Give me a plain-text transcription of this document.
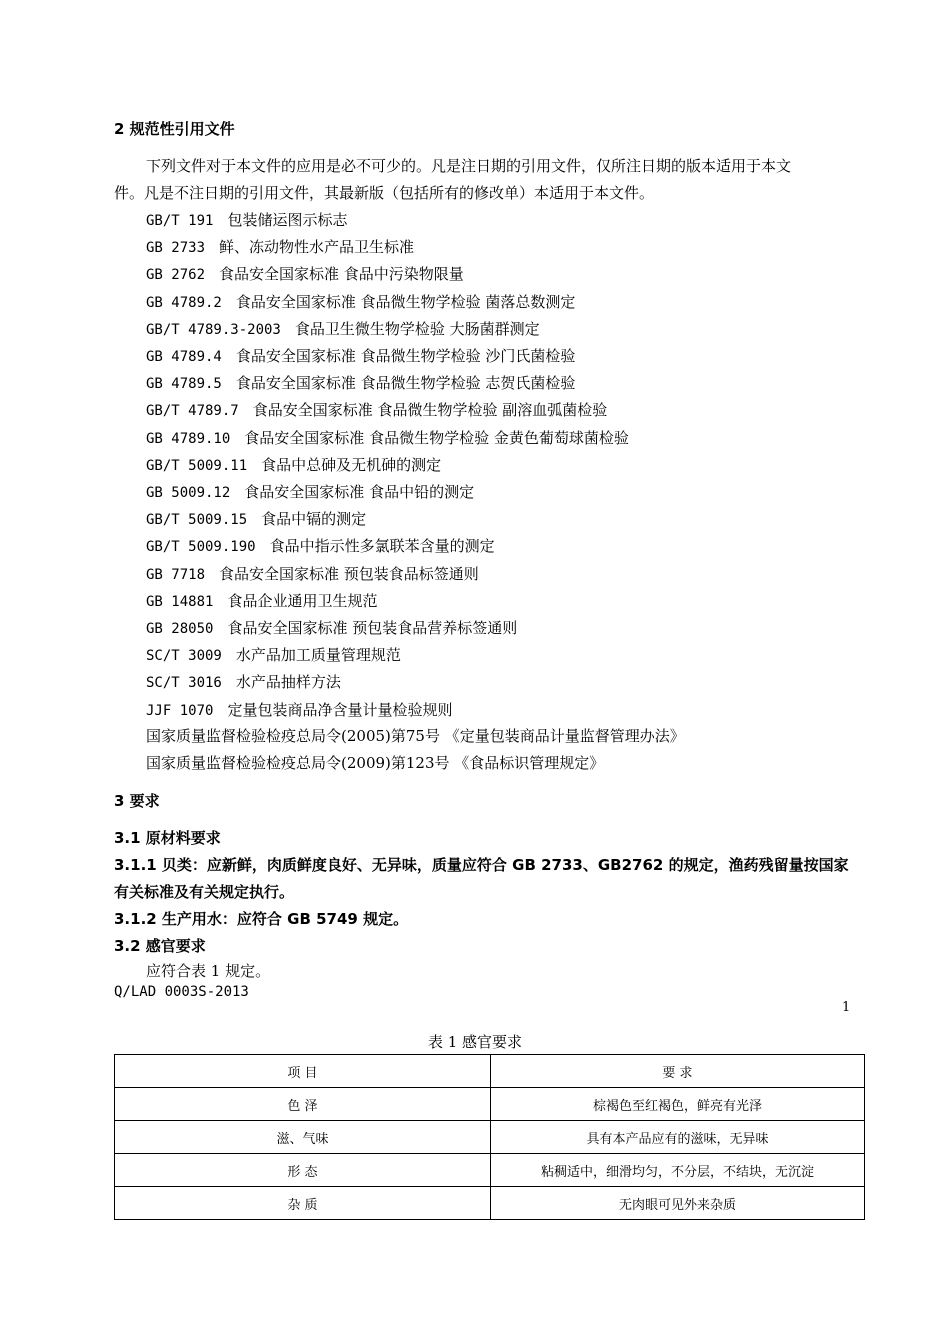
2 规范性引用文件
下列文件对于本文件的应用是必不可少的。凡是注日期的引用文件，仅所注日期的版本适用于本文
件。凡是不注日期的引用文件，其最新版（包括所有的修改单）本适用于本文件。
GB/T 191 包装储运图示标志
GB 2733 鲜、冻动物性水产品卫生标准
GB 2762 食品安全国家标准 食品中污染物限量
GB 4789.2 食品安全国家标准 食品微生物学检验 菌落总数测定
GB/T 4789.3-2003 食品卫生微生物学检验 大肠菌群测定
GB 4789.4 食品安全国家标准 食品微生物学检验 沙门氏菌检验
GB 4789.5 食品安全国家标准 食品微生物学检验 志贺氏菌检验
GB/T 4789.7 食品安全国家标准 食品微生物学检验 副溶血弧菌检验
GB 4789.10 食品安全国家标准 食品微生物学检验 金黄色葡萄球菌检验
GB/T 5009.11 食品中总砷及无机砷的测定
GB 5009.12 食品安全国家标准 食品中铅的测定
GB/T 5009.15 食品中镉的测定
GB/T 5009.190 食品中指示性多氯联苯含量的测定
GB 7718 食品安全国家标准 预包装食品标签通则
GB 14881 食品企业通用卫生规范
GB 28050 食品安全国家标准 预包装食品营养标签通则
SC/T 3009 水产品加工质量管理规范
SC/T 3016 水产品抽样方法
JJF 1070 定量包装商品净含量计量检验规则
国家质量监督检验检疫总局令(2005)第75号 《定量包装商品计量监督管理办法》
国家质量监督检验检疫总局令(2009)第123号 《食品标识管理规定》
3 要求
3.1 原材料要求
3.1.1 贝类：应新鲜，肉质鲜度良好、无异味，质量应符合 GB 2733、GB2762 的规定，渔药残留量按国家
有关标准及有关规定执行。
3.1.2 生产用水：应符合 GB 5749 规定。
3.2 感官要求
应符合表 1 规定。
Q/LAD 0003S-2013
1
表 1 感官要求
项 目	要 求
色 泽	棕褐色至红褐色，鲜亮有光泽
滋、气味	具有本产品应有的滋味，无异味
形 态	粘稠适中，细滑均匀，不分层，不结块，无沉淀
杂 质	无肉眼可见外来杂质
